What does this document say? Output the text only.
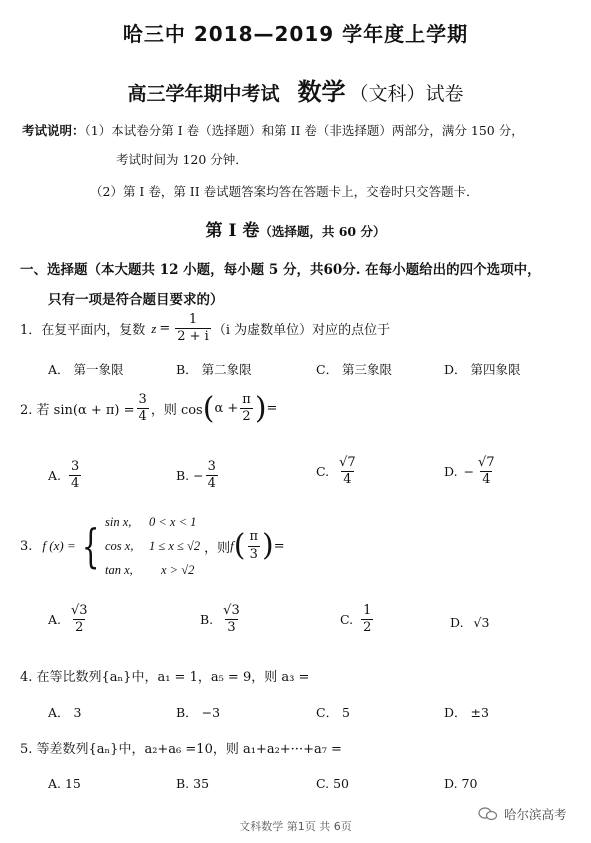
哈三中 2018—2019 学年度上学期
高三学年期中考试 数学 （文科）试卷
考试说明：（1）本试卷分第 I 卷（选择题）和第 II 卷（非选择题）两部分，满分 150 分，
考试时间为 120 分钟．
（2）第 I 卷，第 II 卷试题答案均答在答题卡上，交卷时只交答题卡．
第 I 卷（选择题，共 60 分）
一、选择题（本大题共 12 小题，每小题 5 分，共60分. 在每小题给出的四个选项中，
只有一项是符合题目要求的）
1．在复平面内，复数 $z = \frac{1}{2 + i} (i$ 为虚数单位）对应的点位于
A． 第一象限	B． 第二象限	C． 第三象限	D． 第四象限
2. 若 $\sin(\alpha + \pi) = \frac{3}{4}$ ，则 cos ( $\alpha + \frac{\pi}{2}$ ) =
A. $\frac{3}{4}$	B. − $\frac{3}{4}$	C. $\frac{√7}{4}$	D. − $\frac{√7}{4}$
3. f (x) = { sin x, 0 < x < 1
cos x, 1 ≤ x ≤ √2
tan x, x > √2
，则 f ( $\frac{\pi}{3}$ ) =
A. $\frac{√3}{2}$	B. $\frac{√3}{3}$	C. $\frac{1}{2}$	D. √3
4. 在等比数列{aₙ}中，a₁ = 1，a₅ = 9，则 a₃ =
A． 3	B． −3	C． 5	D． ±3
5. 等差数列{aₙ}中，a₂+a₆ =10，则 a₁+a₂+···+a₇ =
A. 15	B. 35	C. 50	D. 70
哈尔滨高考
文科数学 第1页 共 6页
